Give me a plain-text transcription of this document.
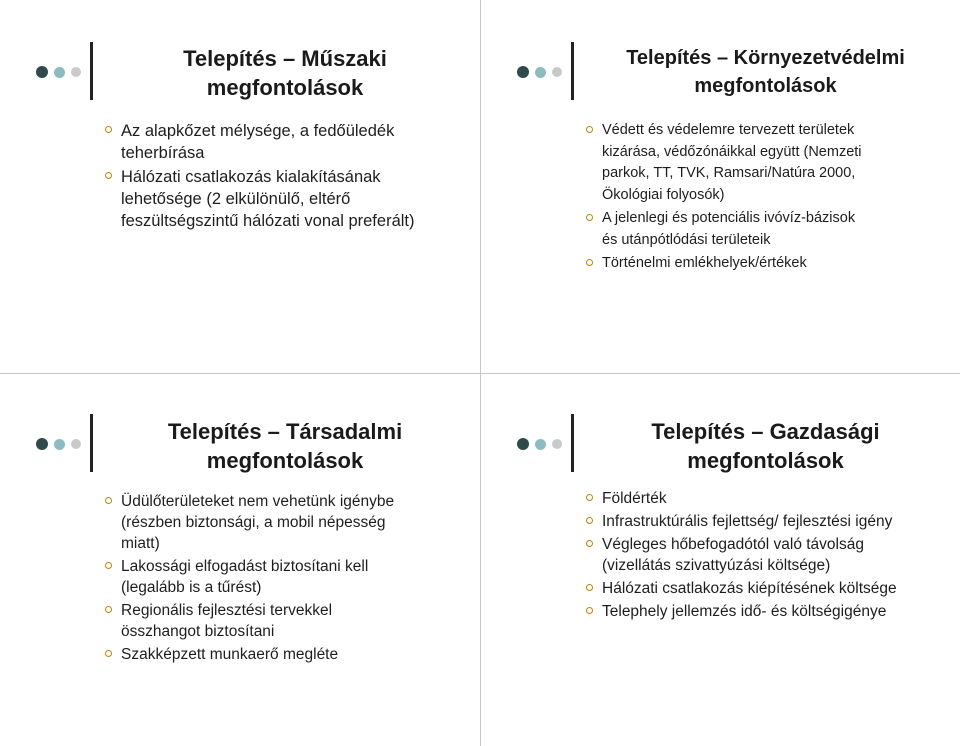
Telepítés – Műszaki
megfontolások
Az alapkőzet mélysége, a fedőüledék teherbírása
Hálózati csatlakozás kialakításának lehetősége (2 elkülönülő, eltérő feszültségszintű hálózati vonal preferált)
Telepítés – Környezetvédelmi
megfontolások
Védett és védelemre tervezett területek kizárása, védőzónáikkal együtt (Nemzeti parkok, TT, TVK, Ramsari/Natúra 2000, Ökológiai folyosók)
A jelenlegi és potenciális ivóvíz-bázisok és utánpótlódási területeik
Történelmi emlékhelyek/értékek
Telepítés – Társadalmi
megfontolások
Üdülőterületeket nem vehetünk igénybe (részben biztonsági, a mobil népesség miatt)
Lakossági elfogadást biztosítani kell (legalább is a tűrést)
Regionális fejlesztési tervekkel összhangot biztosítani
Szakképzett munkaerő megléte
Telepítés – Gazdasági
megfontolások
Földérték
Infrastruktúrális fejlettség/ fejlesztési igény
Végleges hőbefogadótól való távolság (vizellátás szivattyúzási költsége)
Hálózati csatlakozás kiépítésének költsége
Telephely jellemzés idő- és költségigénye
